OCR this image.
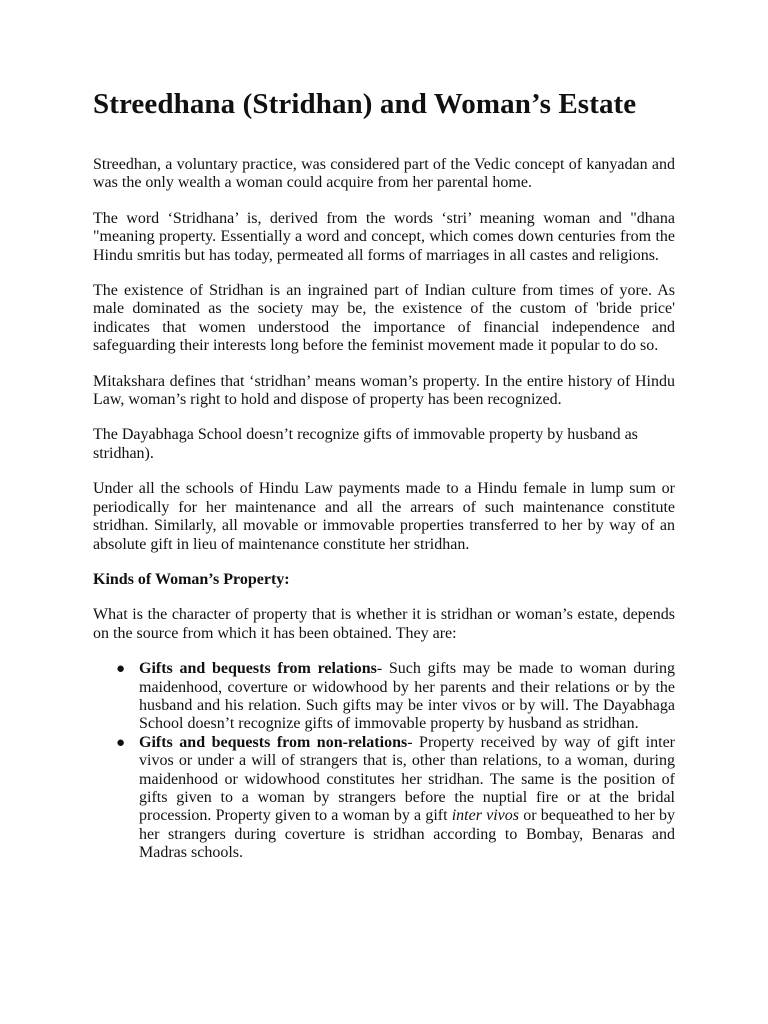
Streedhana (Stridhan) and Woman’s Estate

Streedhan, a voluntary practice, was considered part of the Vedic concept of kanyadan and was the only wealth a woman could acquire from her parental home.

The word ‘Stridhana’ is, derived from the words ‘stri’ meaning woman and "dhana "meaning property. Essentially a word and concept, which comes down centuries from the Hindu smritis but has today, permeated all forms of marriages in all castes and religions.

The existence of Stridhan is an ingrained part of Indian culture from times of yore. As male dominated as the society may be, the existence of the custom of 'bride price' indicates that women understood the importance of financial independence and safeguarding their interests long before the feminist movement made it popular to do so.

Mitakshara defines that ‘stridhan’ means woman’s property. In the entire history of Hindu Law, woman’s right to hold and dispose of property has been recognized.

The Dayabhaga School doesn’t recognize gifts of immovable property by husband as stridhan).

Under all the schools of Hindu Law payments made to a Hindu female in lump sum or periodically for her maintenance and all the arrears of such maintenance constitute stridhan. Similarly, all movable or immovable properties transferred to her by way of an absolute gift in lieu of maintenance constitute her stridhan.

Kinds of Woman’s Property:

What is the character of property that is whether it is stridhan or woman’s estate, depends on the source from which it has been obtained. They are:

● Gifts and bequests from relations- Such gifts may be made to woman during maidenhood, coverture or widowhood by her parents and their relations or by the husband and his relation. Such gifts may be inter vivos or by will. The Dayabhaga School doesn’t recognize gifts of immovable property by husband as stridhan.
● Gifts and bequests from non-relations- Property received by way of gift inter vivos or under a will of strangers that is, other than relations, to a woman, during maidenhood or widowhood constitutes her stridhan. The same is the position of gifts given to a woman by strangers before the nuptial fire or at the bridal procession. Property given to a woman by a gift inter vivos or bequeathed to her by her strangers during coverture is stridhan according to Bombay, Benaras and Madras schools.
